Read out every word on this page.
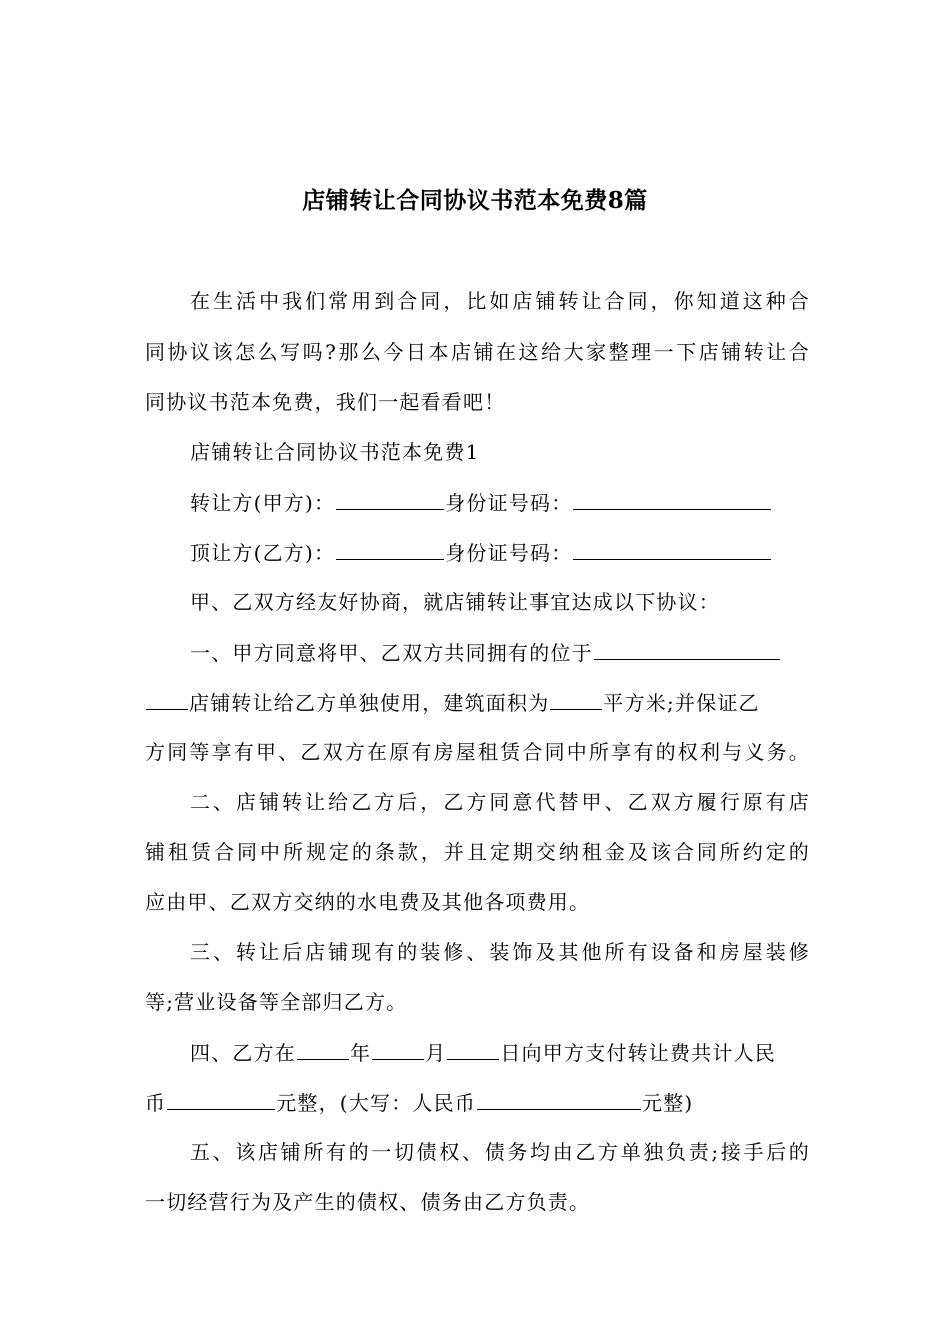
店铺转让合同协议书范本免费8篇
在生活中我们常用到合同，比如店铺转让合同，你知道这种合
同协议该怎么写吗?那么今日本店铺在这给大家整理一下店铺转让合
同协议书范本免费，我们一起看看吧！
店铺转让合同协议书范本免费1
转让方(甲方)：	身份证号码：
顶让方(乙方)：	身份证号码：
甲、乙双方经友好协商，就店铺转让事宜达成以下协议：
一、甲方同意将甲、乙双方共同拥有的位于
店铺转让给乙方单独使用，建筑面积为	平方米;并保证乙
方同等享有甲、乙双方在原有房屋租赁合同中所享有的权利与义务。
二、店铺转让给乙方后，乙方同意代替甲、乙双方履行原有店
铺租赁合同中所规定的条款，并且定期交纳租金及该合同所约定的
应由甲、乙双方交纳的水电费及其他各项费用。
三、转让后店铺现有的装修、装饰及其他所有设备和房屋装修
等;营业设备等全部归乙方。
四、乙方在	年	月	日向甲方支付转让费共计人民
币	元整，(大写：人民币	元整)
五、该店铺所有的一切债权、债务均由乙方单独负责;接手后的
一切经营行为及产生的债权、债务由乙方负责。
